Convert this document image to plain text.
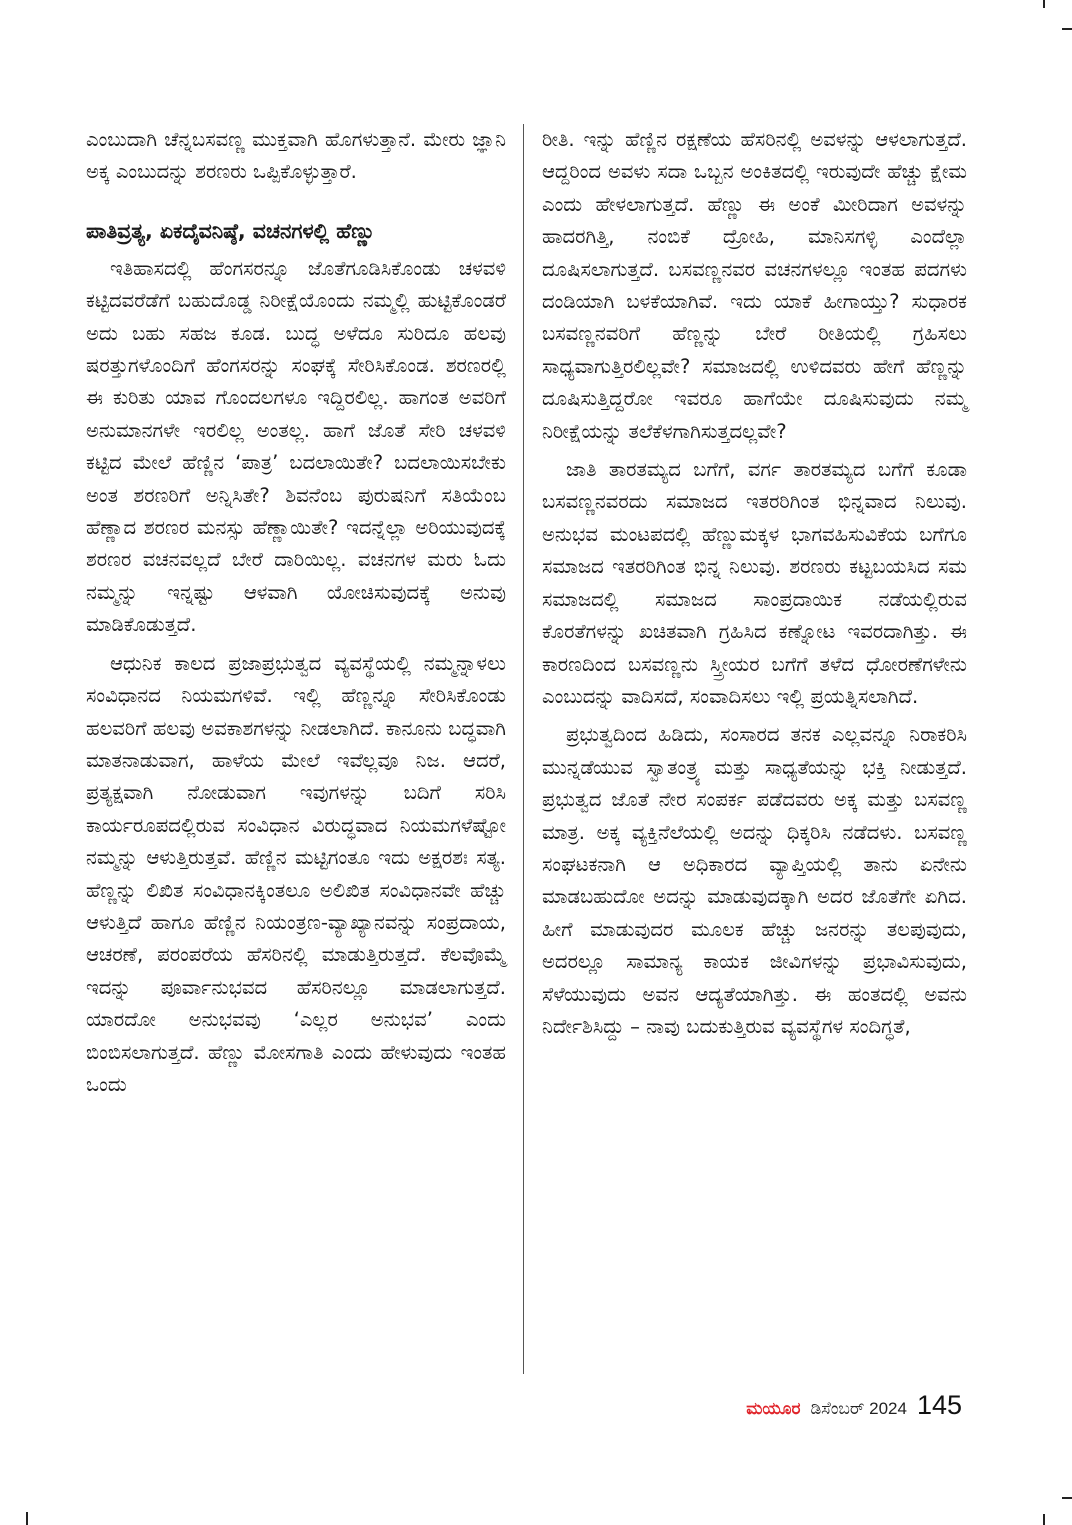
ಎಂಬುದಾಗಿ ಚೆನ್ನಬಸವಣ್ಣ ಮುಕ್ತವಾಗಿ ಹೊಗಳುತ್ತಾನೆ. ಮೇರು ಜ್ಞಾನಿ ಅಕ್ಕ ಎಂಬುದನ್ನು ಶರಣರು ಒಪ್ಪಿಕೊಳ್ಳುತ್ತಾರೆ.

ಪಾತಿವ್ರತ್ಯ, ಏಕದೈವನಿಷ್ಠೆ, ವಚನಗಳಲ್ಲಿ ಹೆಣ್ಣು

ಇತಿಹಾಸದಲ್ಲಿ ಹೆಂಗಸರನ್ನೂ ಜೊತೆಗೂಡಿಸಿಕೊಂಡು ಚಳವಳಿ ಕಟ್ಟಿದವರೆಡೆಗೆ ಬಹುದೊಡ್ಡ ನಿರೀಕ್ಷೆಯೊಂದು ನಮ್ಮಲ್ಲಿ ಹುಟ್ಟಿಕೊಂಡರೆ ಅದು ಬಹು ಸಹಜ ಕೂಡ. ಬುದ್ಧ ಅಳೆದೂ ಸುರಿದೂ ಹಲವು ಷರತ್ತುಗಳೊಂದಿಗೆ ಹೆಂಗಸರನ್ನು ಸಂಘಕ್ಕೆ ಸೇರಿಸಿಕೊಂಡ. ಶರಣರಲ್ಲಿ ಈ ಕುರಿತು ಯಾವ ಗೊಂದಲಗಳೂ ಇದ್ದಿರಲಿಲ್ಲ. ಹಾಗಂತ ಅವರಿಗೆ ಅನುಮಾನಗಳೇ ಇರಲಿಲ್ಲ ಅಂತಲ್ಲ. ಹಾಗೆ ಜೊತೆ ಸೇರಿ ಚಳವಳಿ ಕಟ್ಟಿದ ಮೇಲೆ ಹೆಣ್ಣಿನ ‘ಪಾತ್ರ’ ಬದಲಾಯಿತೇ? ಬದಲಾಯಿಸಬೇಕು ಅಂತ ಶರಣರಿಗೆ ಅನ್ನಿಸಿತೇ? ಶಿವನೆಂಬ ಪುರುಷನಿಗೆ ಸತಿಯೆಂಬ ಹೆಣ್ಣಾದ ಶರಣರ ಮನಸ್ಸು ಹೆಣ್ಣಾಯಿತೇ? ಇದನ್ನೆಲ್ಲಾ ಅರಿಯುವುದಕ್ಕೆ ಶರಣರ ವಚನವಲ್ಲದೆ ಬೇರೆ ದಾರಿಯಿಲ್ಲ. ವಚನಗಳ ಮರು ಓದು ನಮ್ಮನ್ನು ಇನ್ನಷ್ಟು ಆಳವಾಗಿ ಯೋಚಿಸುವುದಕ್ಕೆ ಅನುವು ಮಾಡಿಕೊಡುತ್ತದೆ.

ಆಧುನಿಕ ಕಾಲದ ಪ್ರಜಾಪ್ರಭುತ್ವದ ವ್ಯವಸ್ಥೆಯಲ್ಲಿ ನಮ್ಮನ್ನಾಳಲು ಸಂವಿಧಾನದ ನಿಯಮಗಳಿವೆ. ಇಲ್ಲಿ ಹೆಣ್ಣನ್ನೂ ಸೇರಿಸಿಕೊಂಡು ಹಲವರಿಗೆ ಹಲವು ಅವಕಾಶಗಳನ್ನು ನೀಡಲಾಗಿದೆ. ಕಾನೂನು ಬದ್ಧವಾಗಿ ಮಾತನಾಡುವಾಗ, ಹಾಳೆಯ ಮೇಲೆ ಇವೆಲ್ಲವೂ ನಿಜ. ಆದರೆ, ಪ್ರತ್ಯಕ್ಷವಾಗಿ ನೋಡುವಾಗ ಇವುಗಳನ್ನು ಬದಿಗೆ ಸರಿಸಿ ಕಾರ್ಯರೂಪದಲ್ಲಿರುವ ಸಂವಿಧಾನ ವಿರುದ್ಧವಾದ ನಿಯಮಗಳೆಷ್ಟೋ ನಮ್ಮನ್ನು ಆಳುತ್ತಿರುತ್ತವೆ. ಹೆಣ್ಣಿನ ಮಟ್ಟಿಗಂತೂ ಇದು ಅಕ್ಷರಶಃ ಸತ್ಯ. ಹೆಣ್ಣನ್ನು ಲಿಖಿತ ಸಂವಿಧಾನಕ್ಕಿಂತಲೂ ಅಲಿಖಿತ ಸಂವಿಧಾನವೇ ಹೆಚ್ಚು ಆಳುತ್ತಿದೆ ಹಾಗೂ ಹೆಣ್ಣಿನ ನಿಯಂತ್ರಣ-ವ್ಯಾಖ್ಯಾನವನ್ನು ಸಂಪ್ರದಾಯ, ಆಚರಣೆ, ಪರಂಪರೆಯ ಹೆಸರಿನಲ್ಲಿ ಮಾಡುತ್ತಿರುತ್ತದೆ. ಕೆಲವೊಮ್ಮೆ ಇದನ್ನು ಪೂರ್ವಾನುಭವದ ಹೆಸರಿನಲ್ಲೂ ಮಾಡಲಾಗುತ್ತದೆ. ಯಾರದೋ ಅನುಭವವು ‘ಎಲ್ಲರ ಅನುಭವ’ ಎಂದು ಬಿಂಬಿಸಲಾಗುತ್ತದೆ. ಹೆಣ್ಣು ಮೋಸಗಾತಿ ಎಂದು ಹೇಳುವುದು ಇಂತಹ ಒಂದು

ರೀತಿ. ಇನ್ನು ಹೆಣ್ಣಿನ ರಕ್ಷಣೆಯ ಹೆಸರಿನಲ್ಲಿ ಅವಳನ್ನು ಆಳಲಾಗುತ್ತದೆ. ಆದ್ದರಿಂದ ಅವಳು ಸದಾ ಒಬ್ಬನ ಅಂಕಿತದಲ್ಲಿ ಇರುವುದೇ ಹೆಚ್ಚು ಕ್ಷೇಮ ಎಂದು ಹೇಳಲಾಗುತ್ತದೆ. ಹೆಣ್ಣು ಈ ಅಂಕೆ ಮೀರಿದಾಗ ಅವಳನ್ನು ಹಾದರಗಿತ್ತಿ, ನಂಬಿಕೆ ದ್ರೋಹಿ, ಮಾನಿಸಗಳ್ಳಿ ಎಂದೆಲ್ಲಾ ದೂಷಿಸಲಾಗುತ್ತದೆ. ಬಸವಣ್ಣನವರ ವಚನಗಳಲ್ಲೂ ಇಂತಹ ಪದಗಳು ದಂಡಿಯಾಗಿ ಬಳಕೆಯಾಗಿವೆ. ಇದು ಯಾಕೆ ಹೀಗಾಯ್ತು? ಸುಧಾರಕ ಬಸವಣ್ಣನವರಿಗೆ ಹೆಣ್ಣನ್ನು ಬೇರೆ ರೀತಿಯಲ್ಲಿ ಗ್ರಹಿಸಲು ಸಾಧ್ಯವಾಗುತ್ತಿರಲಿಲ್ಲವೇ? ಸಮಾಜದಲ್ಲಿ ಉಳಿದವರು ಹೇಗೆ ಹೆಣ್ಣನ್ನು ದೂಷಿಸುತ್ತಿದ್ದರೋ ಇವರೂ ಹಾಗೆಯೇ ದೂಷಿಸುವುದು ನಮ್ಮ ನಿರೀಕ್ಷೆಯನ್ನು ತಲೆಕೆಳಗಾಗಿಸುತ್ತದಲ್ಲವೇ?

ಜಾತಿ ತಾರತಮ್ಯದ ಬಗೆಗೆ, ವರ್ಗ ತಾರತಮ್ಯದ ಬಗೆಗೆ ಕೂಡಾ ಬಸವಣ್ಣನವರದು ಸಮಾಜದ ಇತರರಿಗಿಂತ ಭಿನ್ನವಾದ ನಿಲುವು. ಅನುಭವ ಮಂಟಪದಲ್ಲಿ ಹೆಣ್ಣುಮಕ್ಕಳ ಭಾಗವಹಿಸುವಿಕೆಯ ಬಗೆಗೂ ಸಮಾಜದ ಇತರರಿಗಿಂತ ಭಿನ್ನ ನಿಲುವು. ಶರಣರು ಕಟ್ಟಬಯಸಿದ ಸಮ ಸಮಾಜದಲ್ಲಿ ಸಮಾಜದ ಸಾಂಪ್ರದಾಯಿಕ ನಡೆಯಲ್ಲಿರುವ ಕೊರತೆಗಳನ್ನು ಖಚಿತವಾಗಿ ಗ್ರಹಿಸಿದ ಕಣ್ನೋಟ ಇವರದಾಗಿತ್ತು. ಈ ಕಾರಣದಿಂದ ಬಸವಣ್ಣನು ಸ್ತ್ರೀಯರ ಬಗೆಗೆ ತಳೆದ ಧೋರಣೆಗಳೇನು ಎಂಬುದನ್ನು ವಾದಿಸದೆ, ಸಂವಾದಿಸಲು ಇಲ್ಲಿ ಪ್ರಯತ್ನಿಸಲಾಗಿದೆ.

ಪ್ರಭುತ್ವದಿಂದ ಹಿಡಿದು, ಸಂಸಾರದ ತನಕ ಎಲ್ಲವನ್ನೂ ನಿರಾಕರಿಸಿ ಮುನ್ನಡೆಯುವ ಸ್ವಾತಂತ್ರ್ಯ ಮತ್ತು ಸಾಧ್ಯತೆಯನ್ನು ಭಕ್ತಿ ನೀಡುತ್ತದೆ. ಪ್ರಭುತ್ವದ ಜೊತೆ ನೇರ ಸಂಪರ್ಕ ಪಡೆದವರು ಅಕ್ಕ ಮತ್ತು ಬಸವಣ್ಣ ಮಾತ್ರ. ಅಕ್ಕ ವ್ಯಕ್ತಿನೆಲೆಯಲ್ಲಿ ಅದನ್ನು ಧಿಕ್ಕರಿಸಿ ನಡೆದಳು. ಬಸವಣ್ಣ ಸಂಘಟಕನಾಗಿ ಆ ಅಧಿಕಾರದ ವ್ಯಾಪ್ತಿಯಲ್ಲಿ ತಾನು ಏನೇನು ಮಾಡಬಹುದೋ ಅದನ್ನು ಮಾಡುವುದಕ್ಕಾಗಿ ಅದರ ಜೊತೆಗೇ ಏಗಿದ. ಹೀಗೆ ಮಾಡುವುದರ ಮೂಲಕ ಹೆಚ್ಚು ಜನರನ್ನು ತಲಪುವುದು, ಅದರಲ್ಲೂ ಸಾಮಾನ್ಯ ಕಾಯಕ ಜೀವಿಗಳನ್ನು ಪ್ರಭಾವಿಸುವುದು, ಸೆಳೆಯುವುದು ಅವನ ಆದ್ಯತೆಯಾಗಿತ್ತು. ಈ ಹಂತದಲ್ಲಿ ಅವನು ನಿರ್ದೇಶಿಸಿದ್ದು – ನಾವು ಬದುಕುತ್ತಿರುವ ವ್ಯವಸ್ಥೆಗಳ ಸಂದಿಗ್ಧತೆ,

ಮಯೂರ ಡಿಸೆಂಬರ್ 2024 145
